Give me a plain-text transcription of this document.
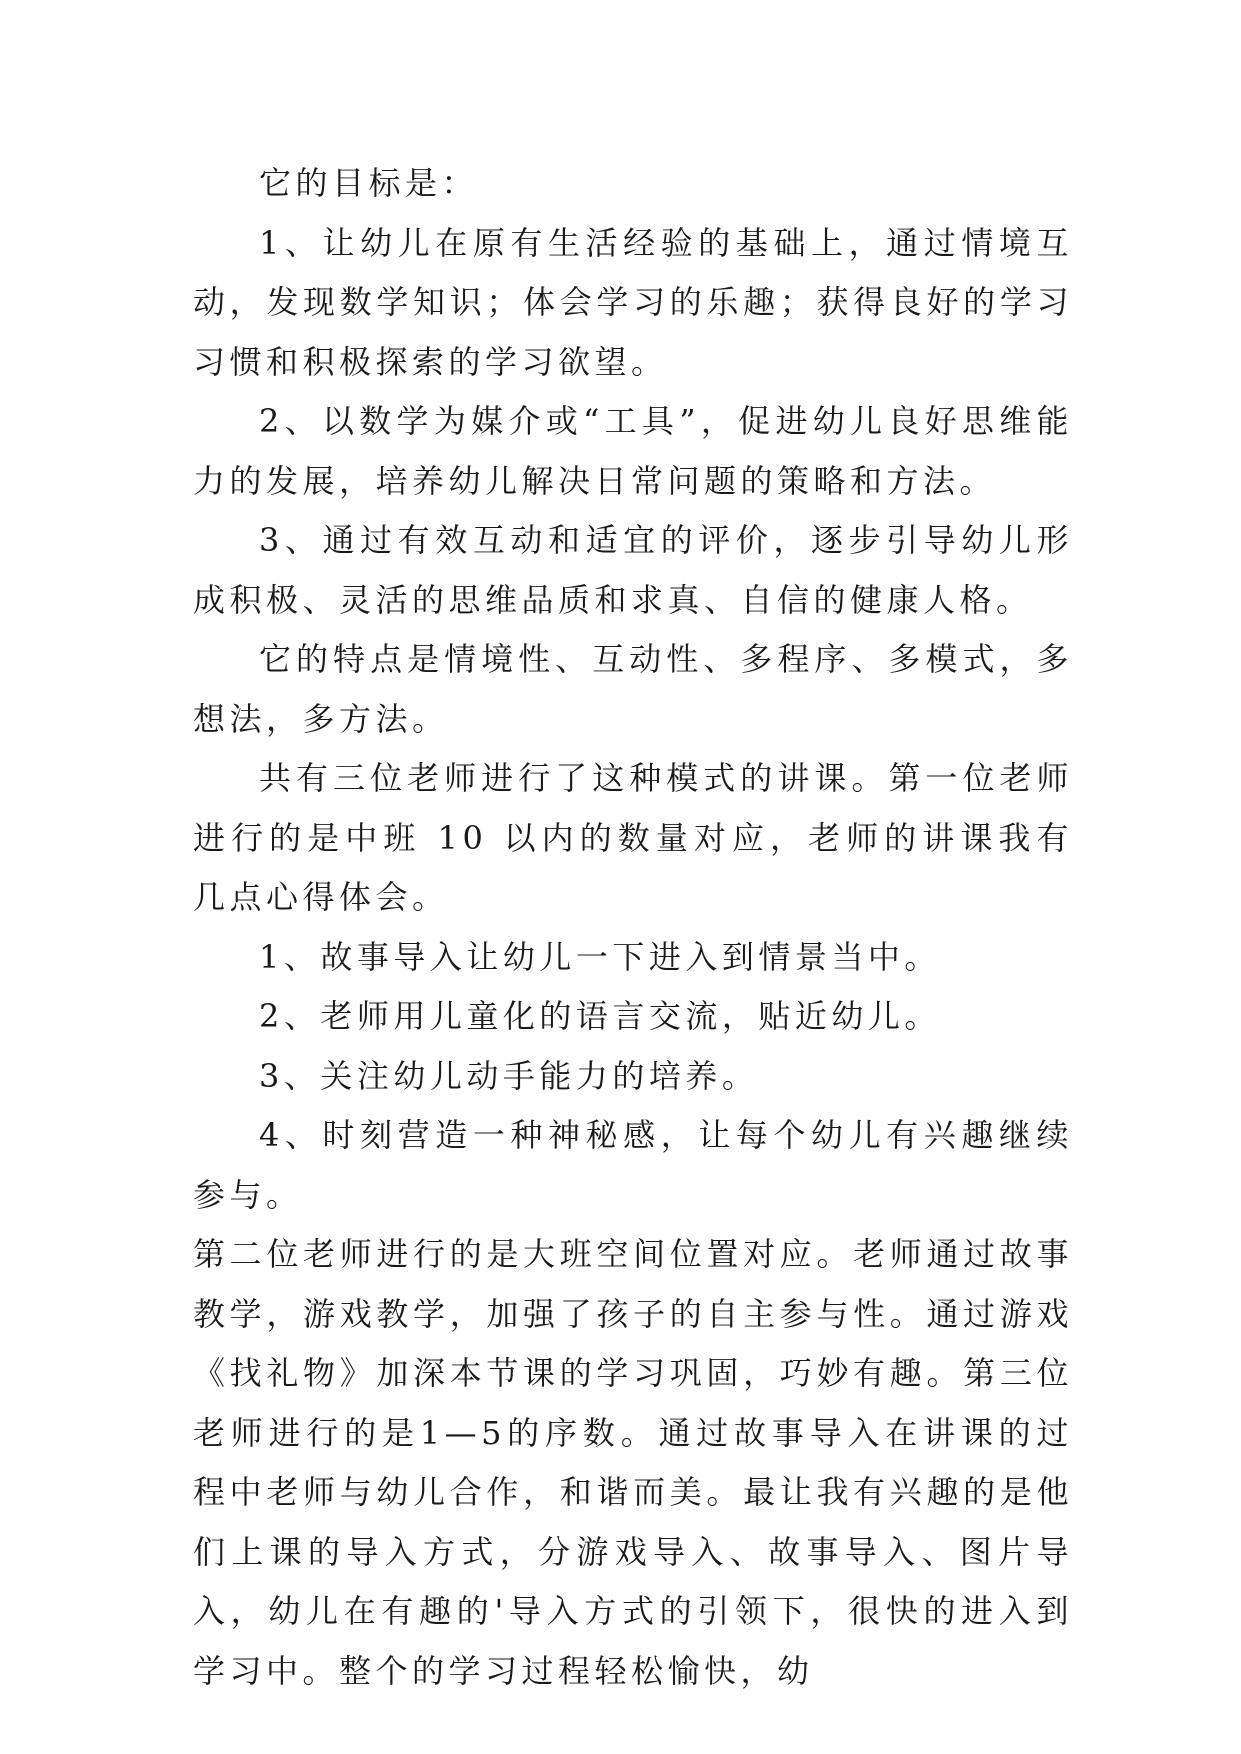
它的目标是：

1、让幼儿在原有生活经验的基础上，通过情境互动，发现数学知识；体会学习的乐趣；获得良好的学习习惯和积极探索的学习欲望。

2、以数学为媒介或“工具”，促进幼儿良好思维能力的发展，培养幼儿解决日常问题的策略和方法。

3、通过有效互动和适宜的评价，逐步引导幼儿形成积极、灵活的思维品质和求真、自信的健康人格。

它的特点是情境性、互动性、多程序、多模式，多想法，多方法。

共有三位老师进行了这种模式的讲课。第一位老师进行的是中班 10 以内的数量对应，老师的讲课我有几点心得体会。

1、故事导入让幼儿一下进入到情景当中。

2、老师用儿童化的语言交流，贴近幼儿。

3、关注幼儿动手能力的培养。

4、时刻营造一种神秘感，让每个幼儿有兴趣继续参与。

第二位老师进行的是大班空间位置对应。老师通过故事教学，游戏教学，加强了孩子的自主参与性。通过游戏《找礼物》加深本节课的学习巩固，巧妙有趣。第三位老师进行的是1—5的序数。通过故事导入在讲课的过程中老师与幼儿合作，和谐而美。最让我有兴趣的是他们上课的导入方式，分游戏导入、故事导入、图片导入，幼儿在有趣的'导入方式的引领下，很快的进入到学习中。整个的学习过程轻松愉快，幼
